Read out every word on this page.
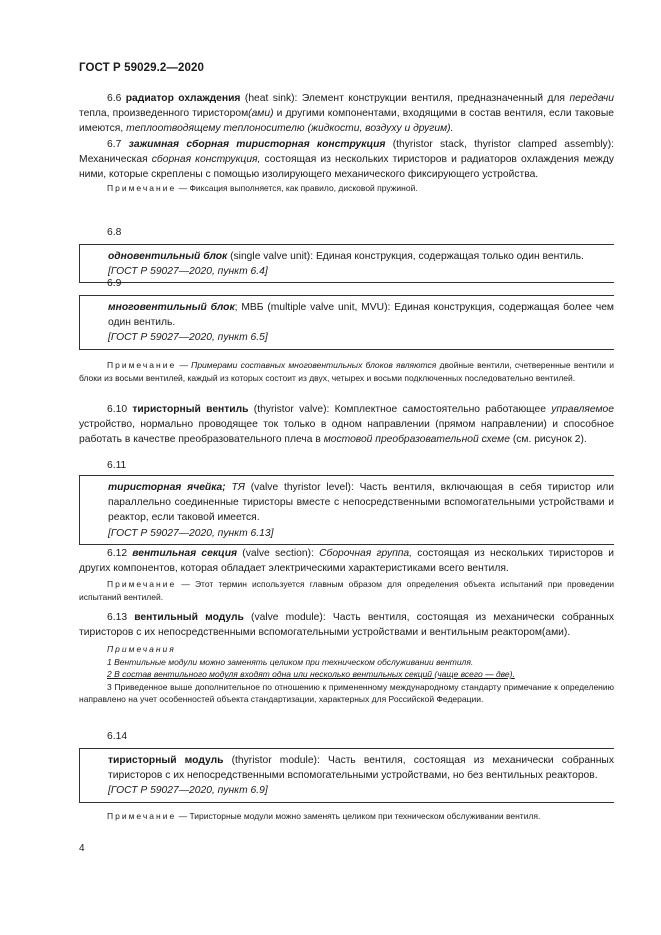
ГОСТ Р 59029.2—2020
6.6 радиатор охлаждения (heat sink): Элемент конструкции вентиля, предназначенный для передачи тепла, произведенного тиристором(ами) и другими компонентами, входящими в состав вентиля, если таковые имеются, теплоотводящему теплоносителю (жидкости, воздуху и другим).
6.7 зажимная сборная тиристорная конструкция (thyristor stack, thyristor clamped assembly): Механическая сборная конструкция, состоящая из нескольких тиристоров и радиаторов охлаждения между ними, которые скреплены с помощью изолирующего механического фиксирующего устройства.
Примечание — Фиксация выполняется, как правило, дисковой пружиной.
6.8
одновентильный блок (single valve unit): Единая конструкция, содержащая только один вентиль.
[ГОСТ Р 59027—2020, пункт 6.4]
6.9
многовентильный блок; МВБ (multiple valve unit, MVU): Единая конструкция, содержащая более чем один вентиль.
[ГОСТ Р 59027—2020, пункт 6.5]
Примечание — Примерами составных многовентильных блоков являются двойные вентили, счетверенные вентили и блоки из восьми вентилей, каждый из которых состоит из двух, четырех и восьми подключенных последовательно вентилей.
6.10 тиристорный вентиль (thyristor valve): Комплектное самостоятельно работающее управляемое устройство, нормально проводящее ток только в одном направлении (прямом направлении) и способное работать в качестве преобразовательного плеча в мостовой преобразовательной схеме (см. рисунок 2).
6.11
тиристорная ячейка; ТЯ (valve thyristor level): Часть вентиля, включающая в себя тиристор или параллельно соединенные тиристоры вместе с непосредственными вспомогательными устройствами и реактор, если таковой имеется.
[ГОСТ Р 59027—2020, пункт 6.13]
6.12 вентильная секция (valve section): Сборочная группа, состоящая из нескольких тиристоров и других компонентов, которая обладает электрическими характеристиками всего вентиля.
Примечание — Этот термин используется главным образом для определения объекта испытаний при проведении испытаний вентилей.
6.13 вентильный модуль (valve module): Часть вентиля, состоящая из механически собранных тиристоров с их непосредственными вспомогательными устройствами и вентильным реактором(ами).
Примечания
1 Вентильные модули можно заменять целиком при техническом обслуживании вентиля.
2 В состав вентильного модуля входят одна или несколько вентильных секций (чаще всего — две).
3 Приведенное выше дополнительное по отношению к примененному международному стандарту примечание к определению направлено на учет особенностей объекта стандартизации, характерных для Российской Федерации.
6.14
тиристорный модуль (thyristor module): Часть вентиля, состоящая из механически собранных тиристоров с их непосредственными вспомогательными устройствами, но без вентильных реакторов.
[ГОСТ Р 59027—2020, пункт 6.9]
Примечание — Тиристорные модули можно заменять целиком при техническом обслуживании вентиля.
4
